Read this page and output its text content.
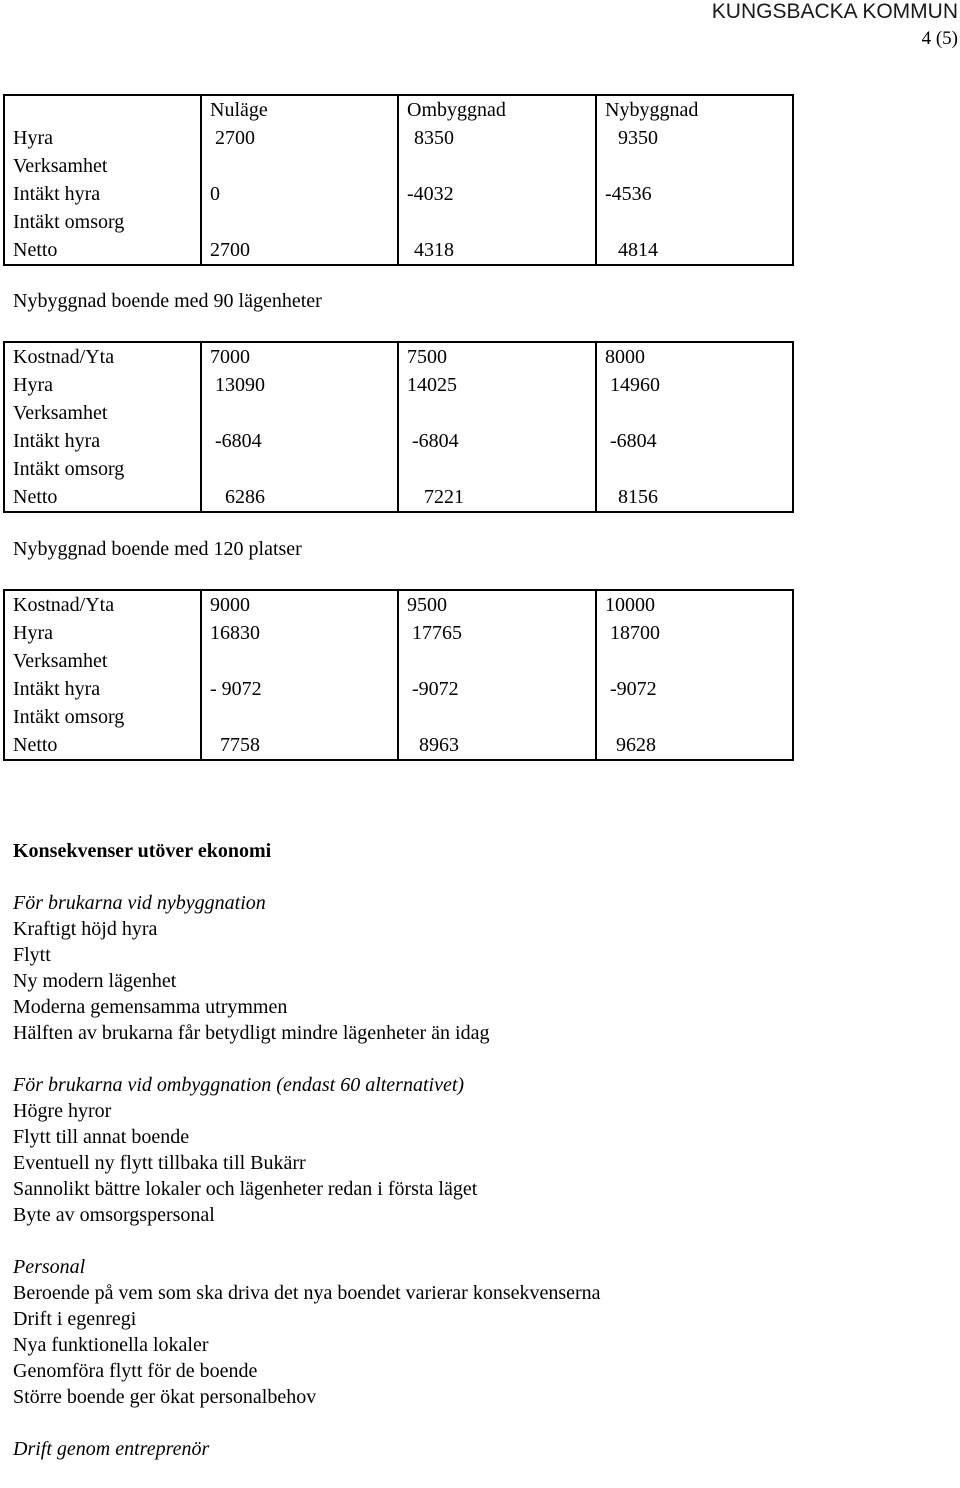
KUNGSBACKA KOMMUN
4 (5)
	Nuläge	Ombyggnad	Nybyggnad
Hyra	2700	8350	9350
Verksamhet			
Intäkt hyra	0	-4032	-4536
Intäkt omsorg			
Netto	2700	4318	4814
Nybyggnad boende med 90 lägenheter
Kostnad/Yta	7000	7500	8000
Hyra	13090	14025	14960
Verksamhet			
Intäkt hyra	-6804	-6804	-6804
Intäkt omsorg			
Netto	6286	7221	8156
Nybyggnad boende med 120 platser
Kostnad/Yta	9000	9500	10000
Hyra	16830	17765	18700
Verksamhet			
Intäkt hyra	- 9072	-9072	-9072
Intäkt omsorg			
Netto	7758	8963	9628
Konsekvenser utöver ekonomi
För brukarna vid nybyggnation
Kraftigt höjd hyra
Flytt
Ny modern lägenhet
Moderna gemensamma utrymmen
Hälften av brukarna får betydligt mindre lägenheter än idag
För brukarna vid ombyggnation (endast 60 alternativet)
Högre hyror
Flytt till annat boende
Eventuell ny flytt tillbaka till Bukärr
Sannolikt bättre lokaler och lägenheter redan i första läget
Byte av omsorgspersonal
Personal
Beroende på vem som ska driva det nya boendet varierar konsekvenserna
Drift i egenregi
Nya funktionella lokaler
Genomföra flytt för de boende
Större boende ger ökat personalbehov
Drift genom entreprenör
